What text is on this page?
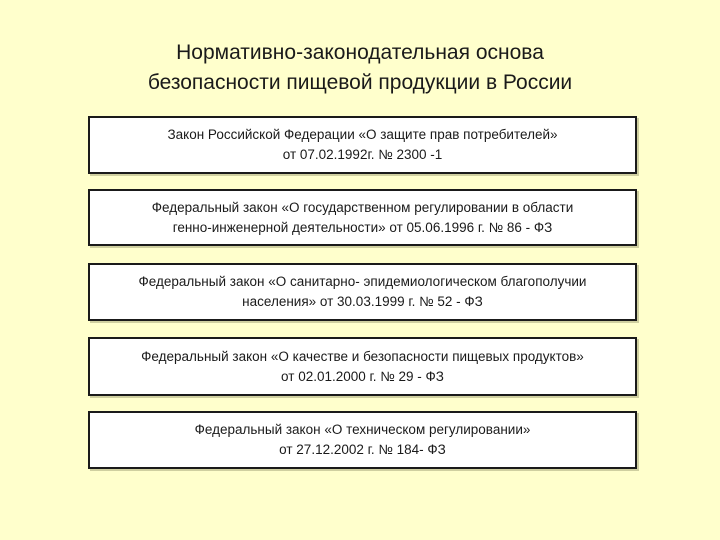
Нормативно-законодательная основа
безопасности пищевой продукции в России
Закон Российской Федерации «О защите прав потребителей»
от 07.02.1992г. № 2300 -1
Федеральный закон «О государственном регулировании в области
генно-инженерной деятельности» от 05.06.1996 г. № 86 - ФЗ
Федеральный закон «О санитарно- эпидемиологическом благополучии
населения» от 30.03.1999 г. № 52 - ФЗ
Федеральный закон «О качестве и безопасности пищевых продуктов»
от 02.01.2000 г. № 29 - ФЗ
Федеральный закон «О техническом регулировании»
от 27.12.2002 г. № 184- ФЗ
